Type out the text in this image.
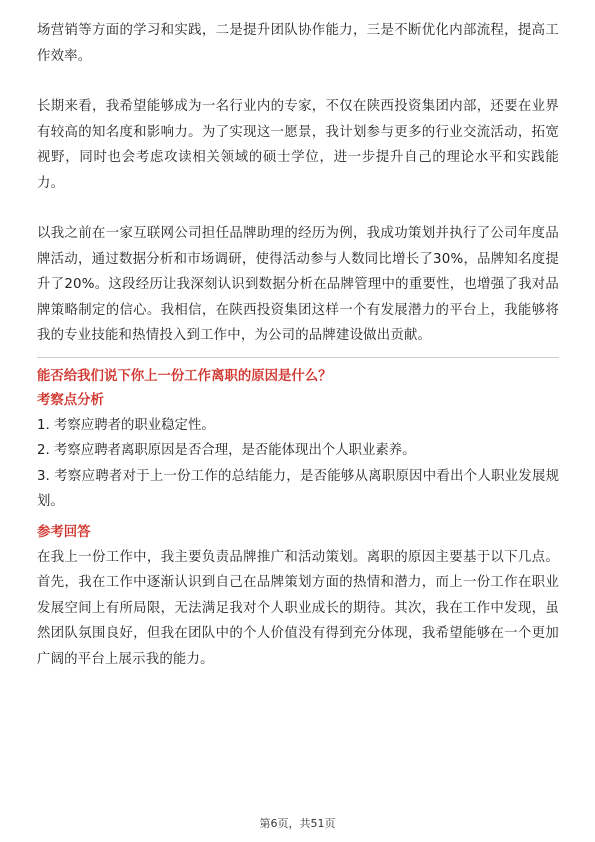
场营销等方面的学习和实践，二是提升团队协作能力，三是不断优化内部流程，提高工作效率。

长期来看，我希望能够成为一名行业内的专家，不仅在陕西投资集团内部，还要在业界有较高的知名度和影响力。为了实现这一愿景，我计划参与更多的行业交流活动，拓宽视野，同时也会考虑攻读相关领域的硕士学位，进一步提升自己的理论水平和实践能力。

以我之前在一家互联网公司担任品牌助理的经历为例，我成功策划并执行了公司年度品牌活动，通过数据分析和市场调研，使得活动参与人数同比增长了30%，品牌知名度提升了20%。这段经历让我深刻认识到数据分析在品牌管理中的重要性，也增强了我对品牌策略制定的信心。我相信，在陕西投资集团这样一个有发展潜力的平台上，我能够将我的专业技能和热情投入到工作中，为公司的品牌建设做出贡献。

能否给我们说下你上一份工作离职的原因是什么？
考察点分析
1. 考察应聘者的职业稳定性。
2. 考察应聘者离职原因是否合理，是否能体现出个人职业素养。
3. 考察应聘者对于上一份工作的总结能力，是否能够从离职原因中看出个人职业发展规划。
参考回答

在我上一份工作中，我主要负责品牌推广和活动策划。离职的原因主要基于以下几点。首先，我在工作中逐渐认识到自己在品牌策划方面的热情和潜力，而上一份工作在职业发展空间上有所局限，无法满足我对个人职业成长的期待。其次，我在工作中发现，虽然团队氛围良好，但我在团队中的个人价值没有得到充分体现，我希望能够在一个更加广阔的平台上展示我的能力。

第6页，共51页
